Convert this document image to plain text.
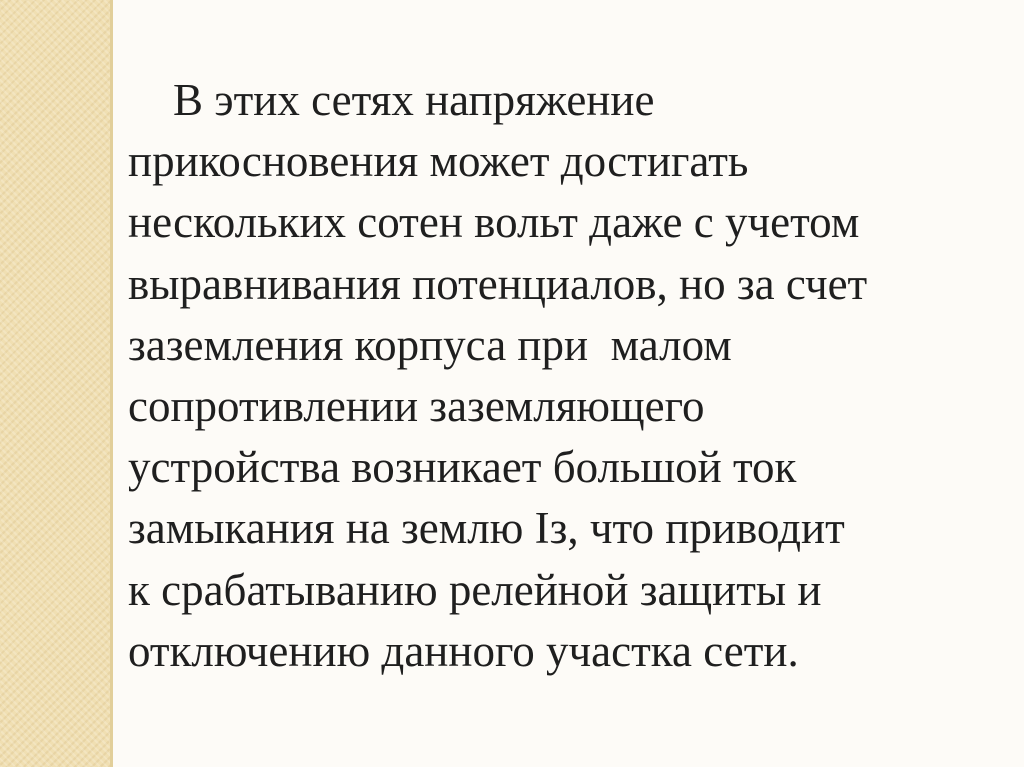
В этих сетях напряжение
прикосновения может достигать
нескольких сотен вольт даже с учетом
выравнивания потенциалов, но за счет
заземления корпуса при  малом
сопротивлении заземляющего
устройства возникает большой ток
замыкания на землю Iз, что приводит
к срабатыванию релейной защиты и
отключению данного участка сети.
